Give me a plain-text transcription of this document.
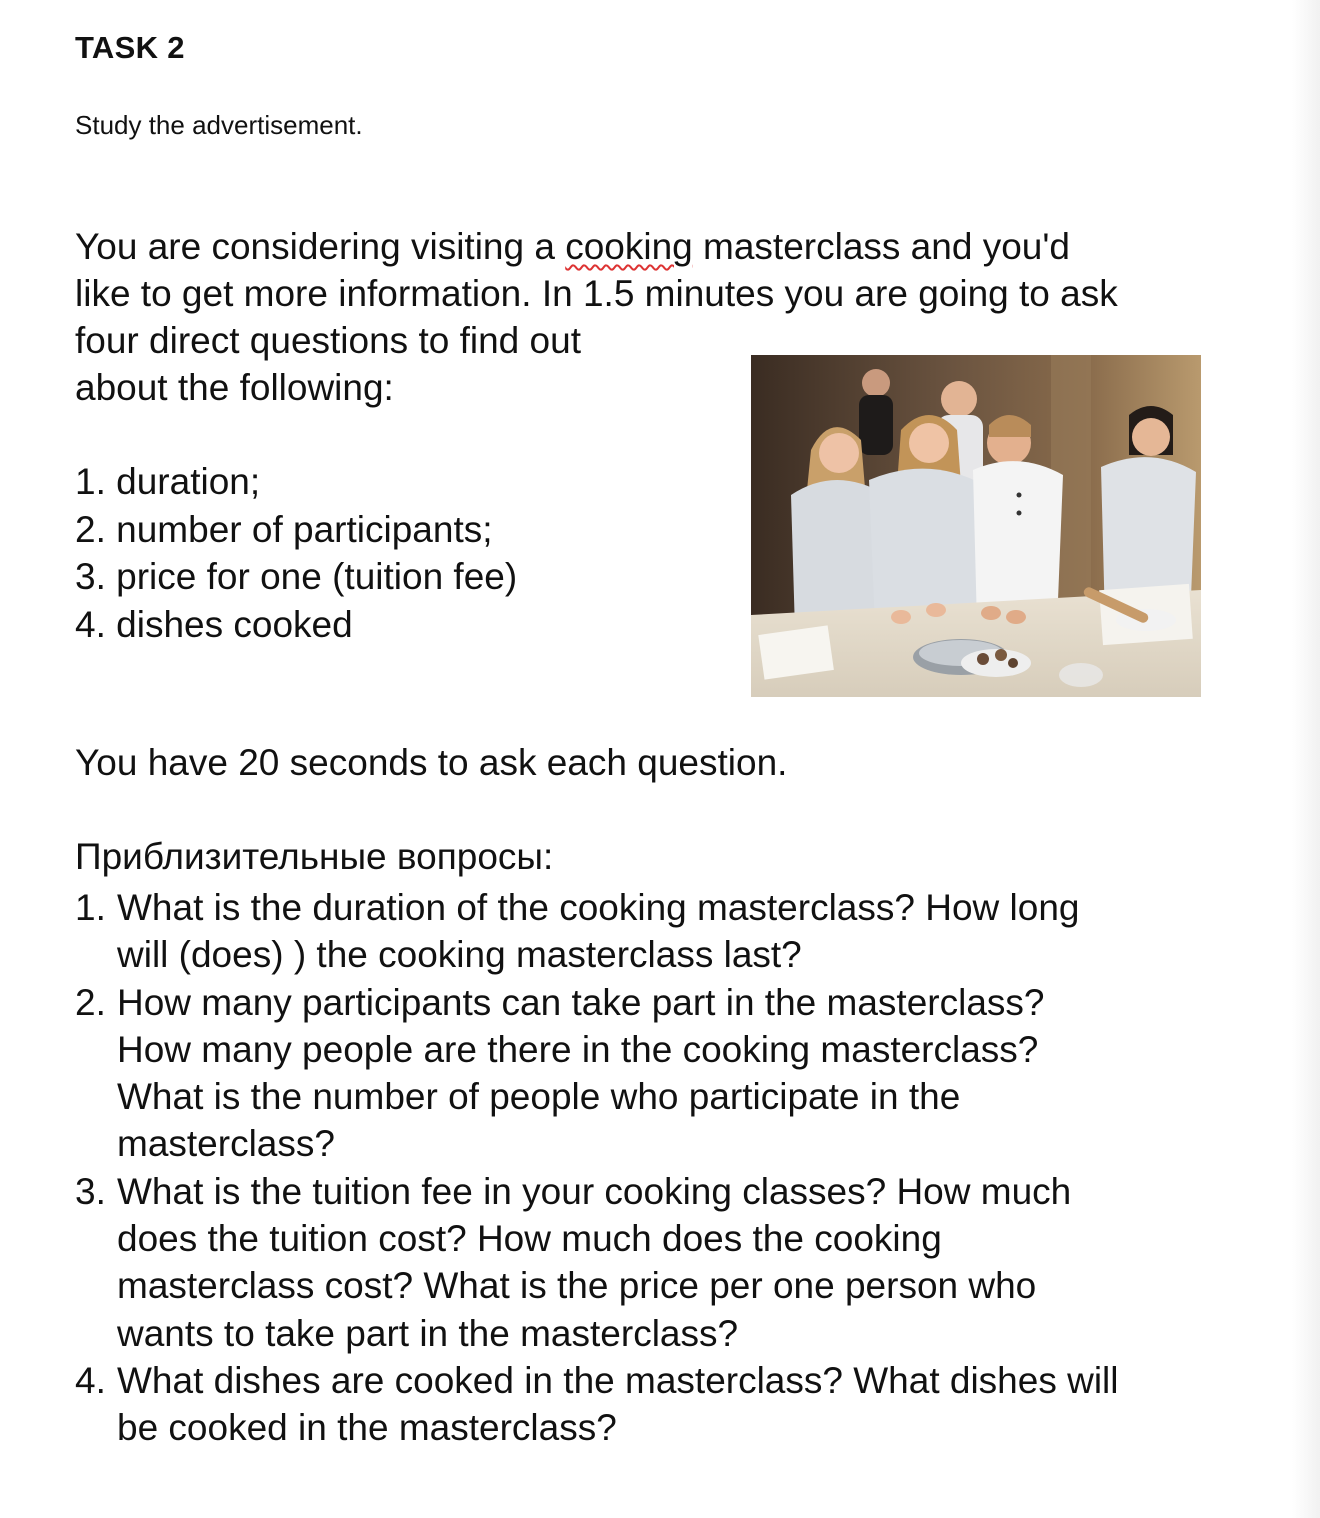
TASK 2

Study the advertisement.

You are considering visiting a cooking masterclass and you'd
like to get more information. In 1.5 minutes you are going to ask
four direct questions to find out
about the following:

1. duration;
2. number of participants;
3. price for one (tuition fee)
4. dishes cooked

You have 20 seconds to ask each question.

Приблизительные вопросы:

1. What is the duration of the cooking masterclass? How long
will (does) ) the cooking masterclass last?
2. How many participants can take part in the masterclass?
How many people are there in the cooking masterclass?
What is the number of people who participate in the
masterclass?
3. What is the tuition fee in your cooking classes? How much
does the tuition cost? How much does the cooking
masterclass cost? What is the price per one person who
wants to take part in the masterclass?
4. What dishes are cooked in the masterclass? What dishes will
be cooked in the masterclass?
